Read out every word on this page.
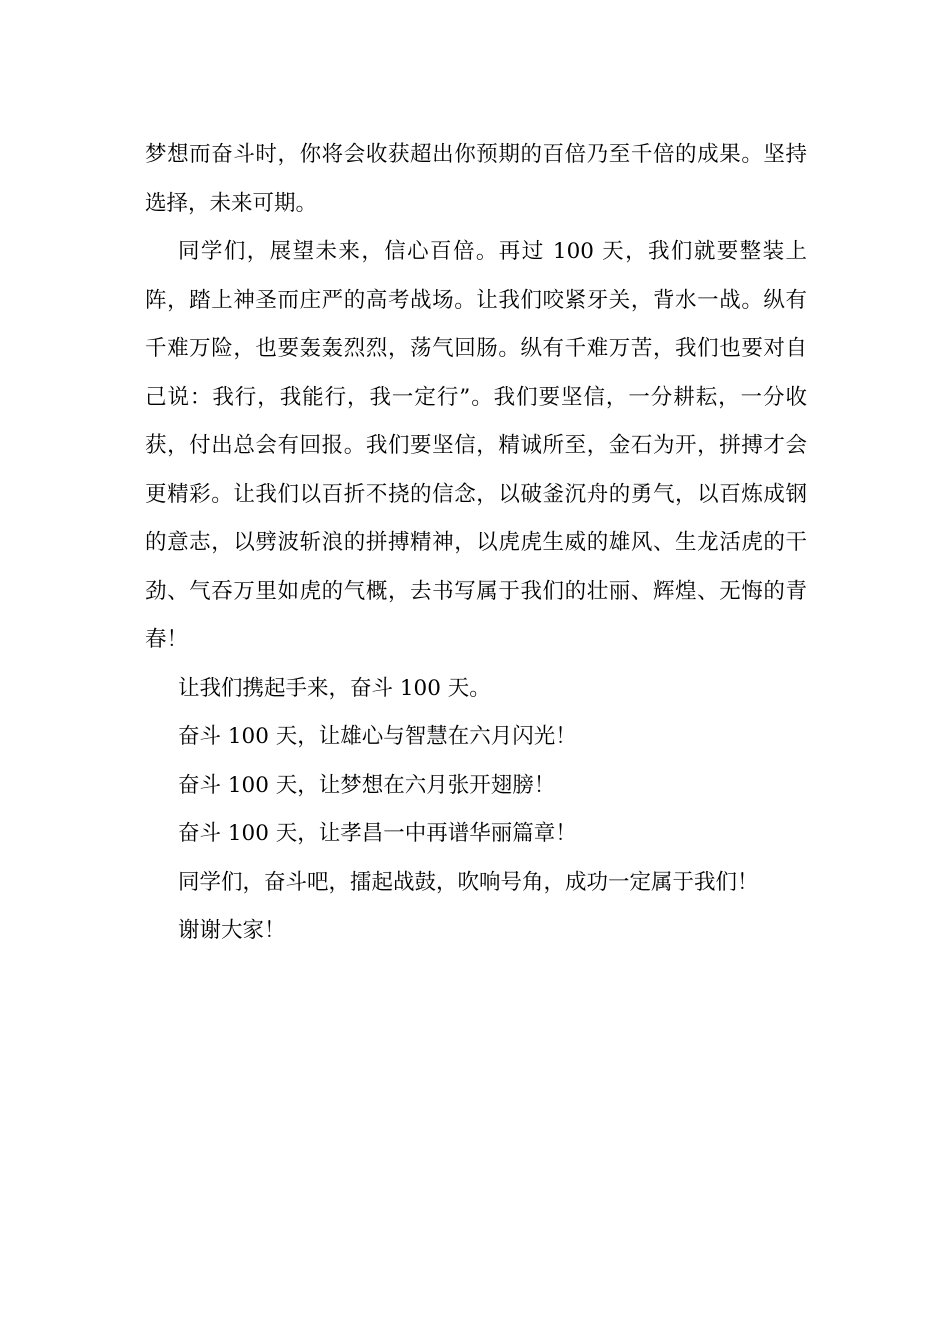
梦想而奋斗时，你将会收获超出你预期的百倍乃至千倍的成果。坚持选择，未来可期。

同学们，展望未来，信心百倍。再过 100 天，我们就要整装上阵，踏上神圣而庄严的高考战场。让我们咬紧牙关，背水一战。纵有千难万险，也要轰轰烈烈，荡气回肠。纵有千难万苦，我们也要对自己说：我行，我能行，我一定行”。我们要坚信，一分耕耘，一分收获，付出总会有回报。我们要坚信，精诚所至，金石为开，拼搏才会更精彩。让我们以百折不挠的信念，以破釜沉舟的勇气，以百炼成钢的意志，以劈波斩浪的拼搏精神，以虎虎生威的雄风、生龙活虎的干劲、气吞万里如虎的气概，去书写属于我们的壮丽、辉煌、无悔的青春！

让我们携起手来，奋斗 100 天。

奋斗 100 天，让雄心与智慧在六月闪光！

奋斗 100 天，让梦想在六月张开翅膀！

奋斗 100 天，让孝昌一中再谱华丽篇章！

同学们，奋斗吧，擂起战鼓，吹响号角，成功一定属于我们！

谢谢大家！
